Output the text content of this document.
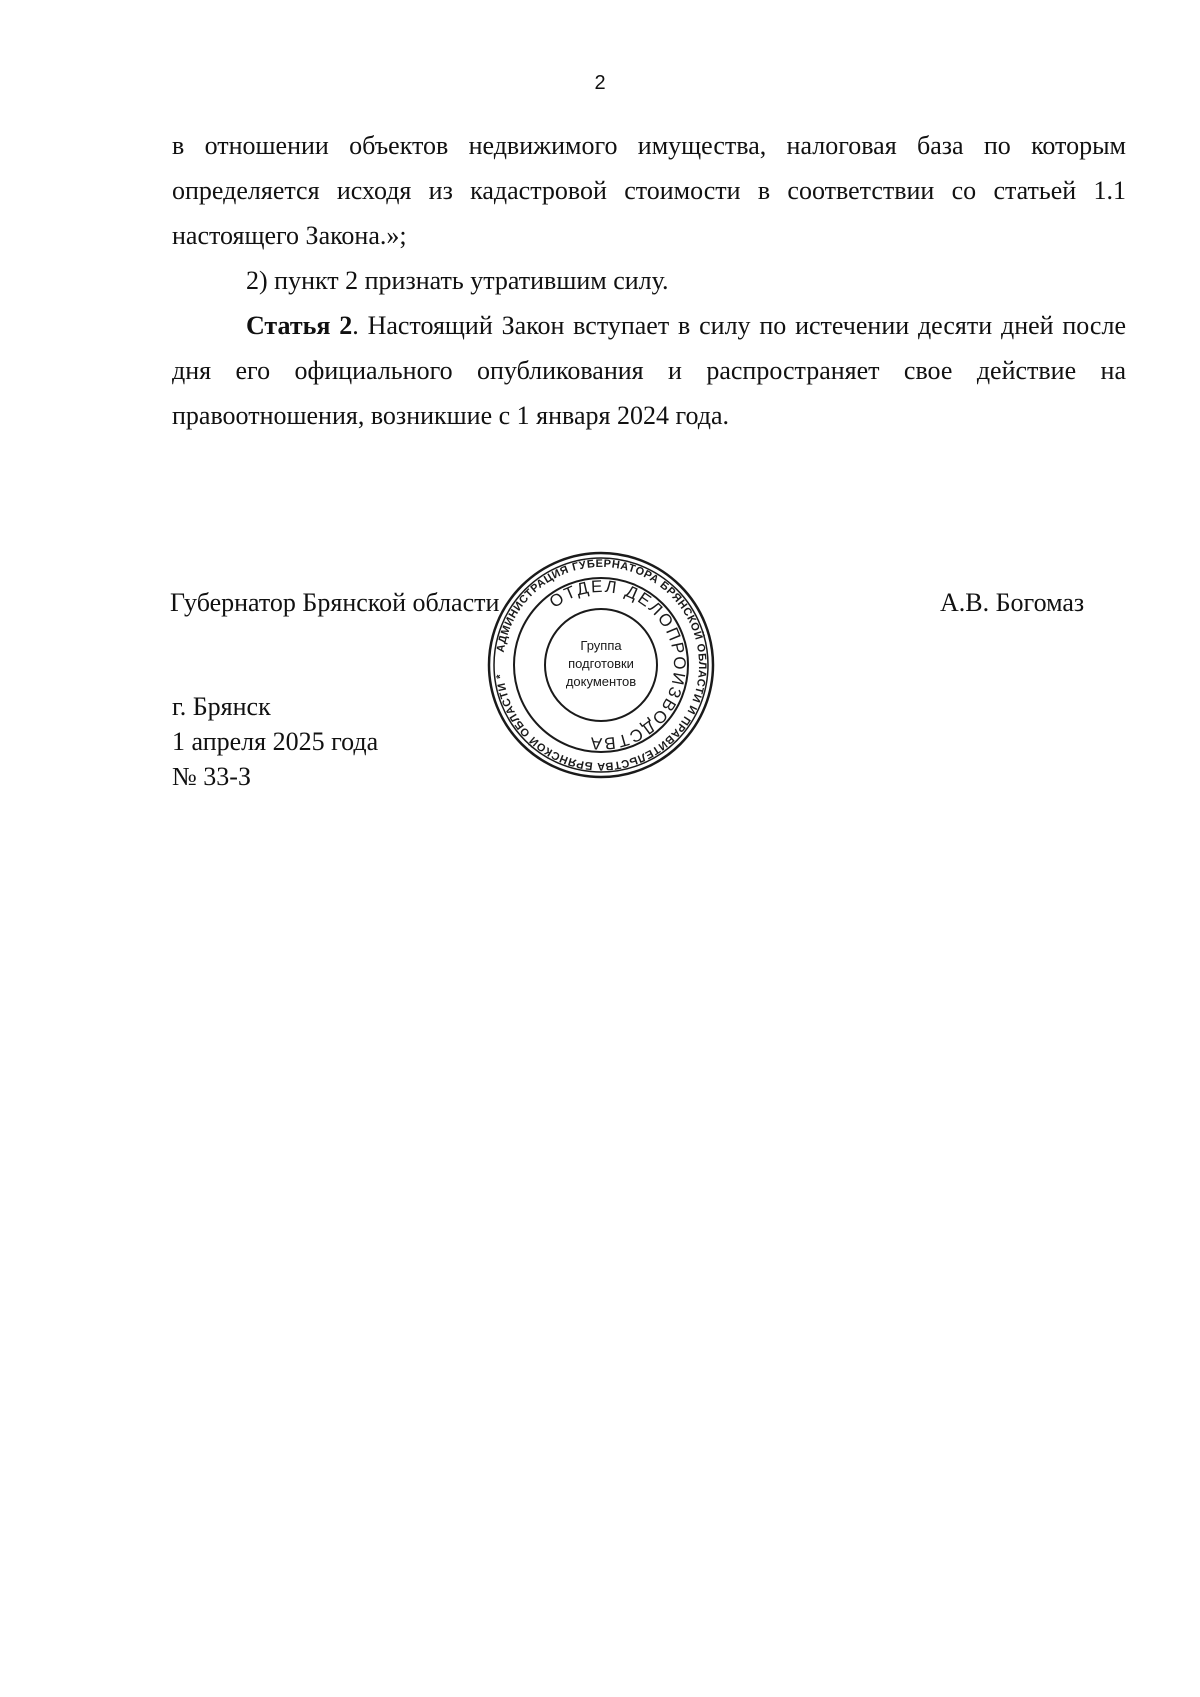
2

в отношении объектов недвижимого имущества, налоговая база по которым определяется исходя из кадастровой стоимости в соответствии со статьей 1.1 настоящего Закона.»;

2) пункт 2 признать утратившим силу.

Статья 2. Настоящий Закон вступает в силу по истечении десяти дней после дня его официального опубликования и распространяет свое действие на правоотношения, возникшие с 1 января 2024 года.

Губернатор Брянской области	А.В. Богомаз
АДМИНИСТРАЦИЯ ГУБЕРНАТОРА БРЯНСКОЙ ОБЛАСТИ И ПРАВИТЕЛЬСТВА БРЯНСКОЙ ОБЛАСТИ *
ОТДЕЛ ДЕЛОПРОИЗВОДСТВА
Группа
подготовки
документов
г. Брянск
1 апреля 2025 года
№ 33-З
